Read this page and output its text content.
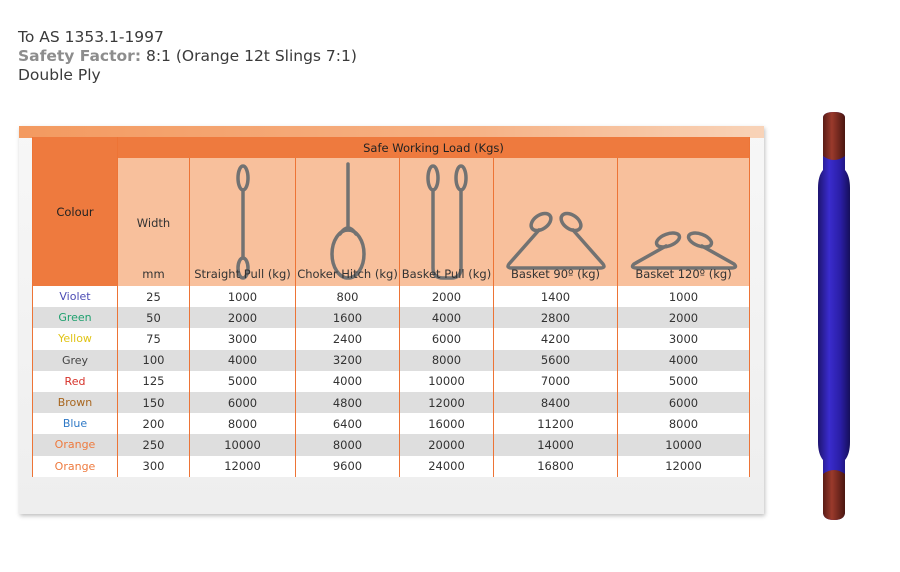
To AS 1353.1-1997
Safety Factor: 8:1 (Orange 12t Slings 7:1)
Double Ply
Colour	Safe Working Load (Kgs)					

	Width
mm	Straight Pull (kg)	Choker Hitch (kg)	Basket Pull (kg)	Basket 90º (kg)	Basket 120º (kg)

Violet	25	1000	800	2000	1400	1000
Green	50	2000	1600	4000	2800	2000
Yellow	75	3000	2400	6000	4200	3000
Grey	100	4000	3200	8000	5600	4000
Red	125	5000	4000	10000	7000	5000
Brown	150	6000	4800	12000	8400	6000
Blue	200	8000	6400	16000	11200	8000
Orange	250	10000	8000	20000	14000	10000
Orange	300	12000	9600	24000	16800	12000
